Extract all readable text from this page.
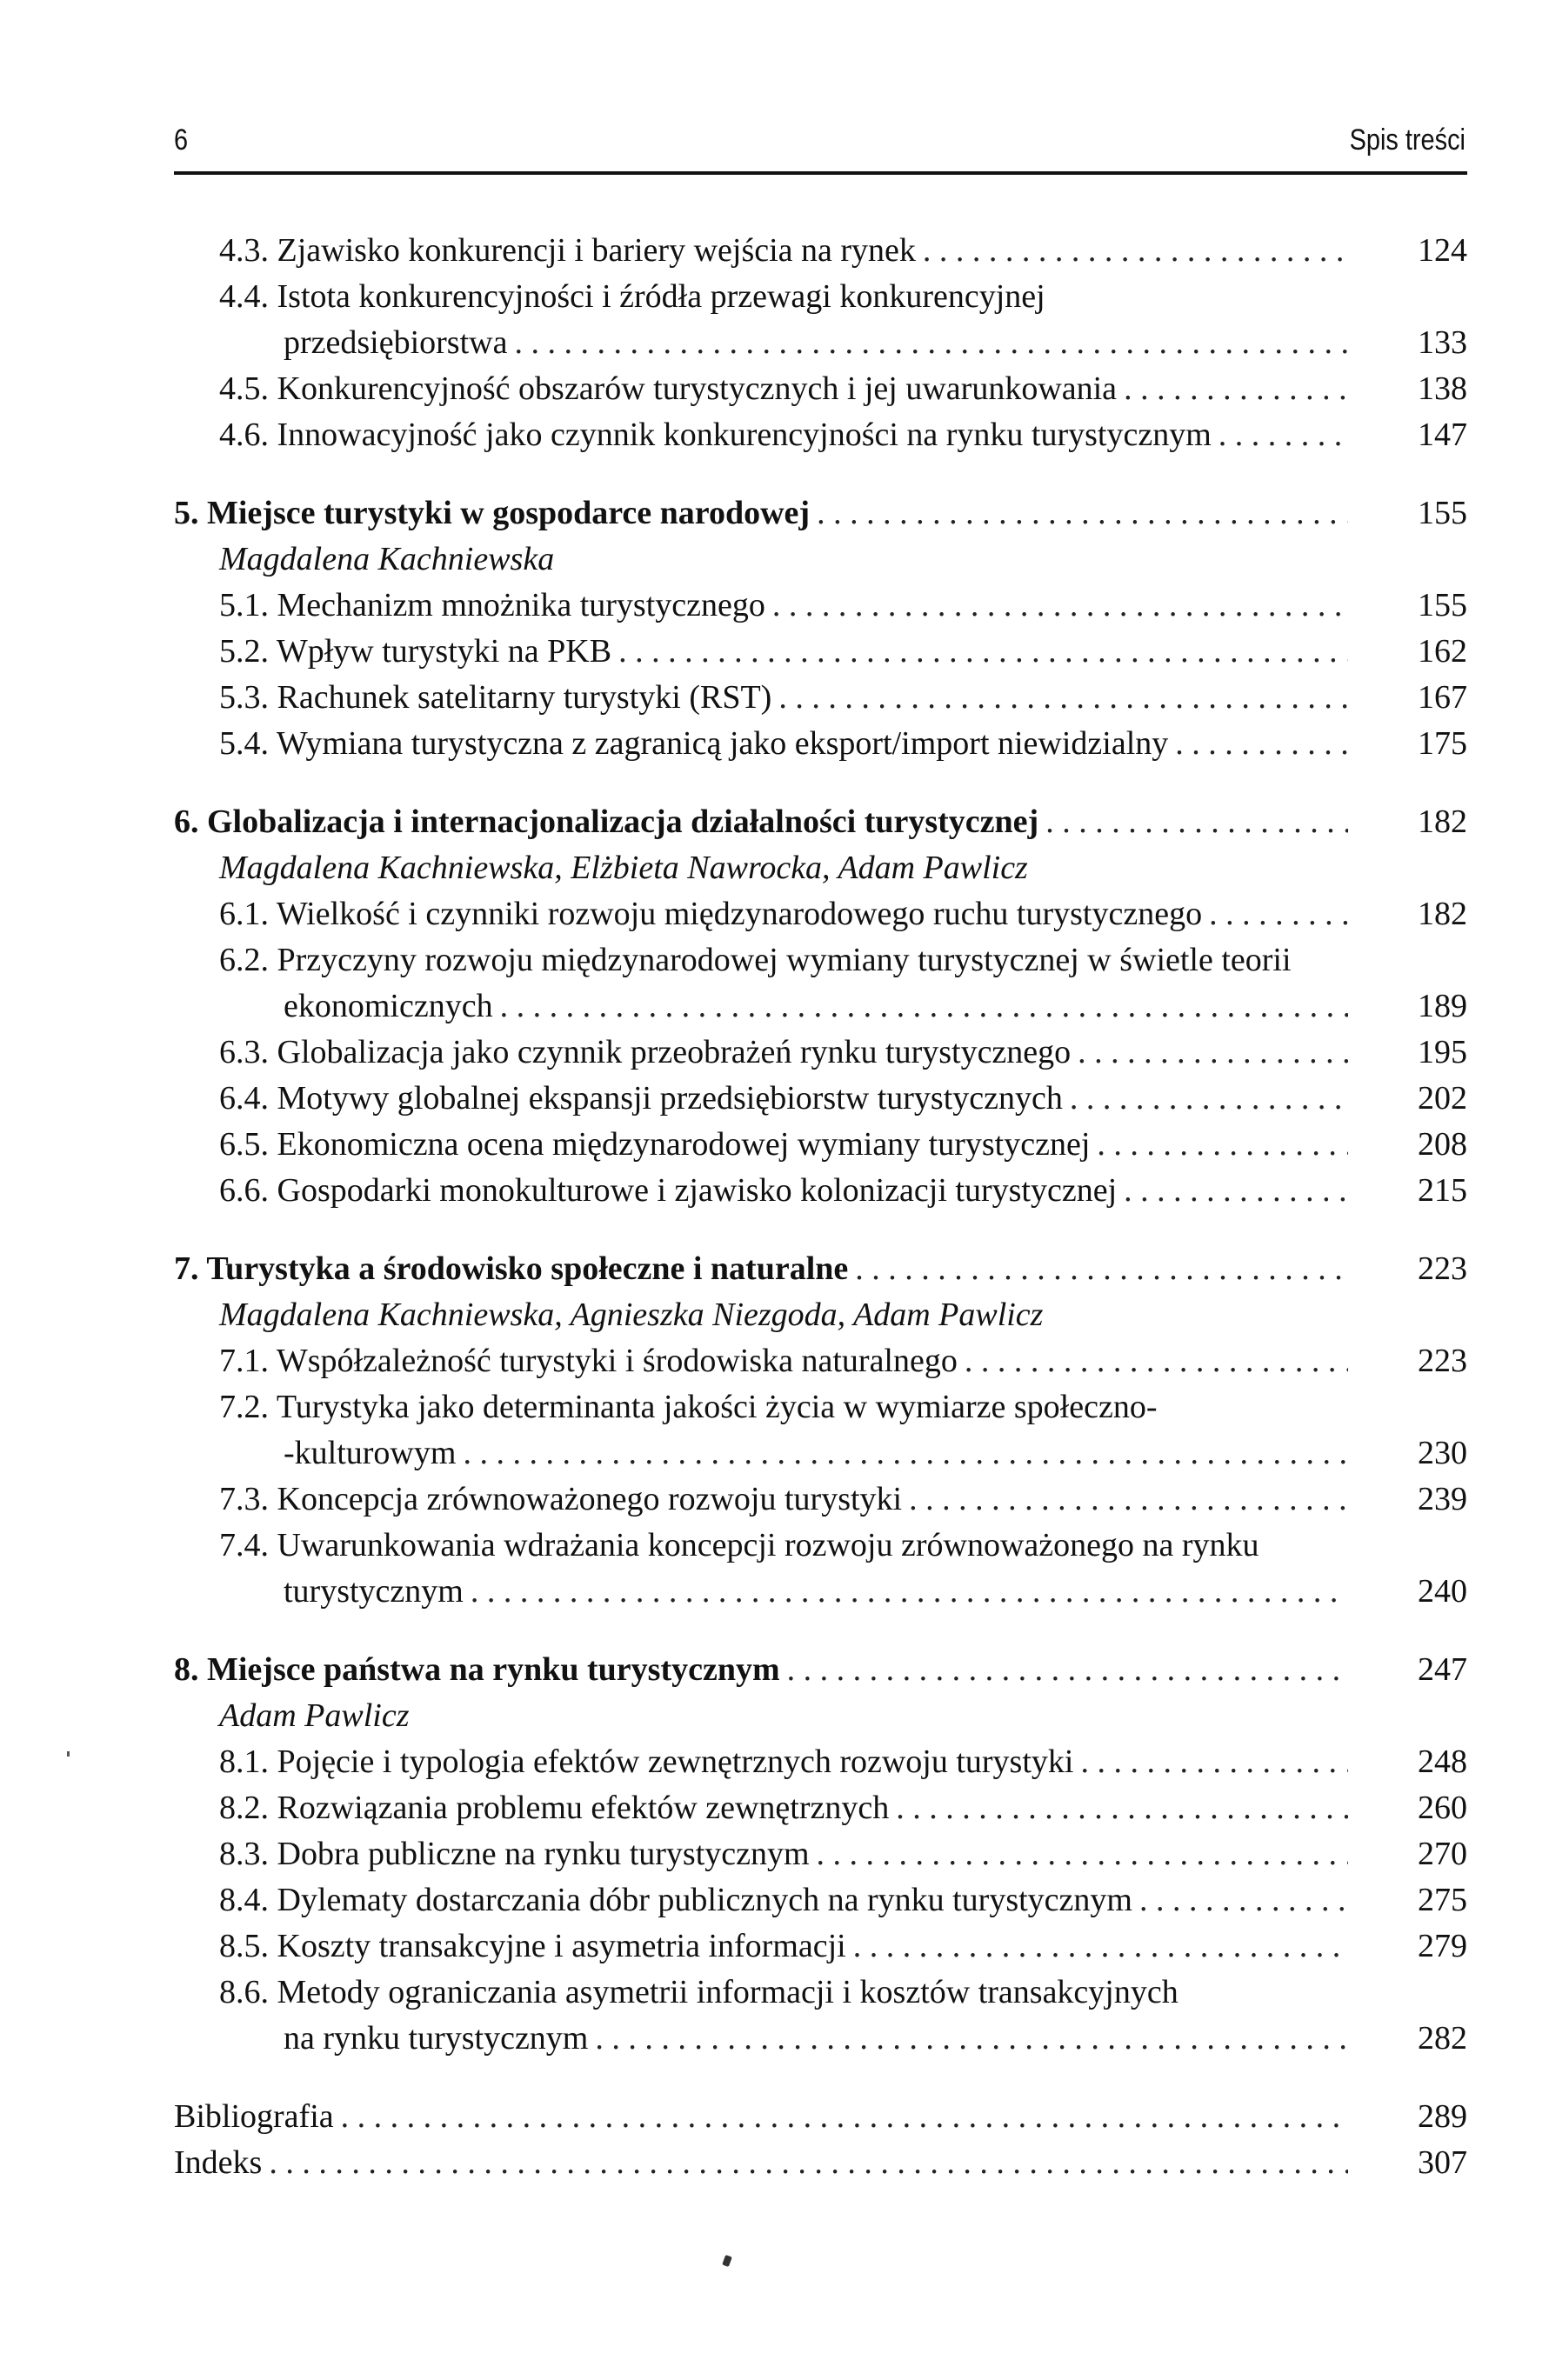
6	Spis treści
4.3. Zjawisko konkurencji i bariery wejścia na rynek . . .	124
4.4. Istota konkurencyjności i źródła przewagi konkurencyjnej
przedsiębiorstwa . . .	133
4.5. Konkurencyjność obszarów turystycznych i jej uwarunkowania . . .	138
4.6. Innowacyjność jako czynnik konkurencyjności na rynku turystycznym . . .	147
5. Miejsce turystyki w gospodarce narodowej . . .	155
Magdalena Kachniewska
5.1. Mechanizm mnożnika turystycznego . . .	155
5.2. Wpływ turystyki na PKB . . .	162
5.3. Rachunek satelitarny turystyki (RST) . . .	167
5.4. Wymiana turystyczna z zagranicą jako eksport/import niewidzialny . . .	175
6. Globalizacja i internacjonalizacja działalności turystycznej . . .	182
Magdalena Kachniewska, Elżbieta Nawrocka, Adam Pawlicz
6.1. Wielkość i czynniki rozwoju międzynarodowego ruchu turystycznego . . .	182
6.2. Przyczyny rozwoju międzynarodowej wymiany turystycznej w świetle teorii
ekonomicznych . . .	189
6.3. Globalizacja jako czynnik przeobrażeń rynku turystycznego . . .	195
6.4. Motywy globalnej ekspansji przedsiębiorstw turystycznych . . .	202
6.5. Ekonomiczna ocena międzynarodowej wymiany turystycznej . . .	208
6.6. Gospodarki monokulturowe i zjawisko kolonizacji turystycznej . . .	215
7. Turystyka a środowisko społeczne i naturalne . . .	223
Magdalena Kachniewska, Agnieszka Niezgoda, Adam Pawlicz
7.1. Współzależność turystyki i środowiska naturalnego . . .	223
7.2. Turystyka jako determinanta jakości życia w wymiarze społeczno-
-kulturowym . . .	230
7.3. Koncepcja zrównoważonego rozwoju turystyki . . .	239
7.4. Uwarunkowania wdrażania koncepcji rozwoju zrównoważonego na rynku
turystycznym . . .	240
8. Miejsce państwa na rynku turystycznym . . .	247
Adam Pawlicz
8.1. Pojęcie i typologia efektów zewnętrznych rozwoju turystyki . . .	248
8.2. Rozwiązania problemu efektów zewnętrznych . . .	260
8.3. Dobra publiczne na rynku turystycznym . . .	270
8.4. Dylematy dostarczania dóbr publicznych na rynku turystycznym . . .	275
8.5. Koszty transakcyjne i asymetria informacji . . .	279
8.6. Metody ograniczania asymetrii informacji i kosztów transakcyjnych
na rynku turystycznym . . .	282
Bibliografia . . .	289
Indeks . . .	307
